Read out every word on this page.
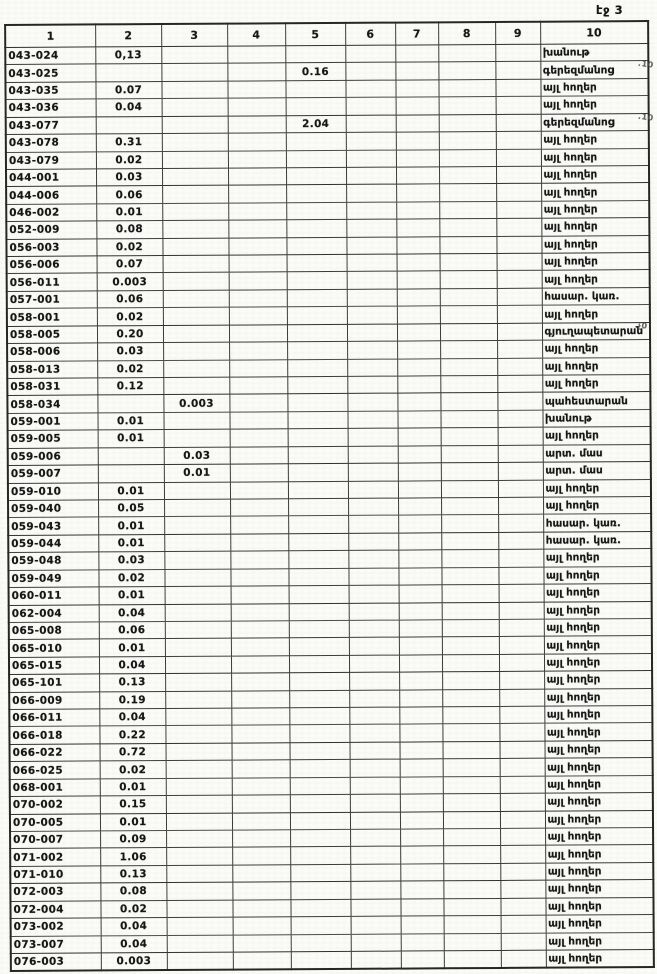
էջ 3
1	2	3	4	5	6	7	8	9	10
043-024	0,13								խանութ
043-025				0.16					գերեզմանոց
043-035	0.07								այլ հողեր
043-036	0.04								այլ հողեր
043-077				2.04					գերեզմանոց
043-078	0.31								այլ հողեր
043-079	0.02								այլ հողեր
044-001	0.03								այլ հողեր
044-006	0.06								այլ հողեր
046-002	0.01								այլ հողեր
052-009	0.08								այլ հողեր
056-003	0.02								այլ հողեր
056-006	0.07								այլ հողեր
056-011	0.003								այլ հողեր
057-001	0.06								հասար. կառ.
058-001	0.02								այլ հողեր
058-005	0.20								գյուղապետարան
058-006	0.03								այլ հողեր
058-013	0.02								այլ հողեր
058-031	0.12								այլ հողեր
058-034		0.003							պահեստարան
059-001	0.01								խանութ
059-005	0.01								այլ հողեր
059-006		0.03							արտ. մաս
059-007		0.01							արտ. մաս
059-010	0.01								այլ հողեր
059-040	0.05								այլ հողեր
059-043	0.01								հասար. կառ.
059-044	0.01								հասար. կառ.
059-048	0.03								այլ հողեր
059-049	0.02								այլ հողեր
060-011	0.01								այլ հողեր
062-004	0.04								այլ հողեր
065-008	0.06								այլ հողեր
065-010	0.01								այլ հողեր
065-015	0.04								այլ հողեր
065-101	0.13								այլ հողեր
066-009	0.19								այլ հողեր
066-011	0.04								այլ հողեր
066-018	0.22								այլ հողեր
066-022	0.72								այլ հողեր
066-025	0.02								այլ հողեր
068-001	0.01								այլ հողեր
070-002	0.15								այլ հողեր
070-005	0.01								այլ հողեր
070-007	0.09								այլ հողեր
071-002	1.06								այլ հողեր
071-010	0.13								այլ հողեր
072-003	0.08								այլ հողեր
072-004	0.02								այլ հողեր
073-002	0.04								այլ հողեր
073-007	0.04								այլ հողեր
076-003	0.003								այլ հողեր
.10
.10
չ0
